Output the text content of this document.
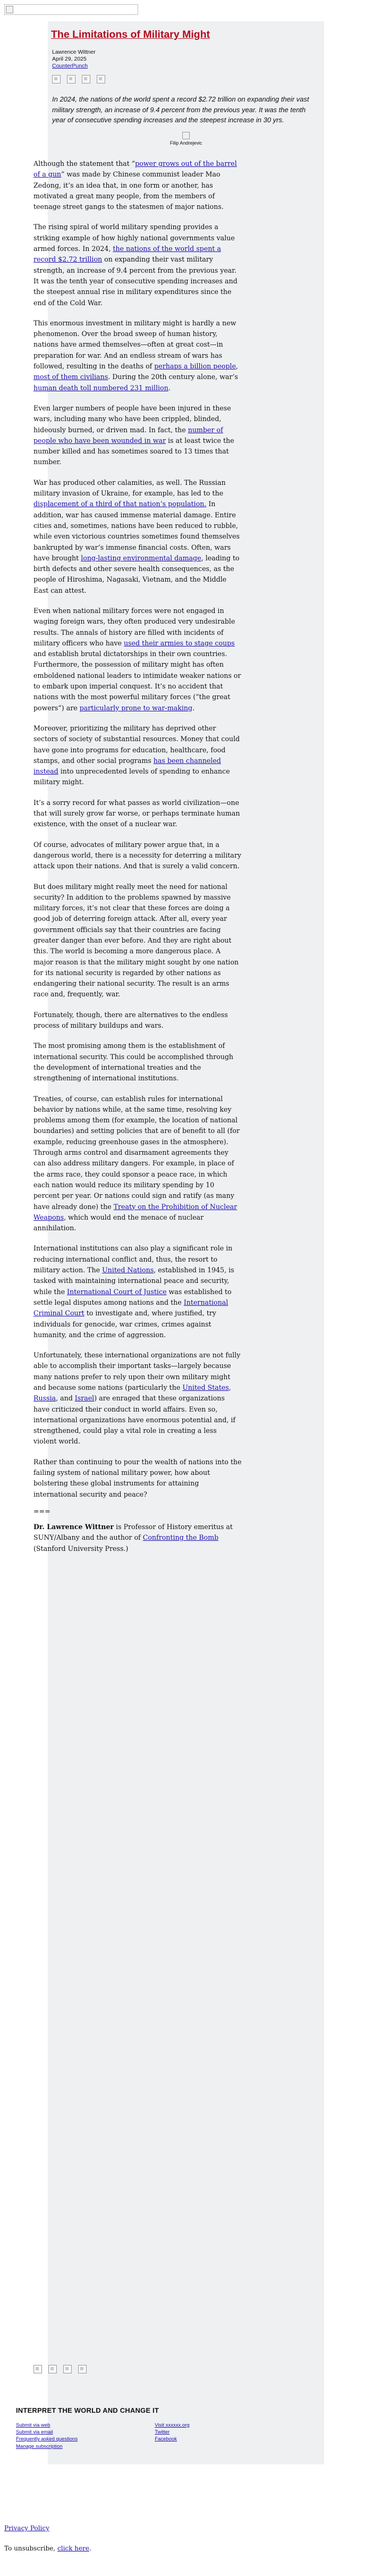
The Limitations of Military Might
Lawrence Wittner
April 29, 2025
CounterPunch
In 2024, the nations of the world spent a record $2.72 trillion on expanding their vast military strength, an increase of 9.4 percent from the previous year. It was the tenth year of consecutive spending increases and the steepest increase in 30 yrs.
Filip Andrejevic

Although the statement that “power grows out of the barrel of a gun” was made by Chinese communist leader Mao Zedong, it’s an idea that, in one form or another, has motivated a great many people, from the members of teenage street gangs to the statesmen of major nations.

The rising spiral of world military spending provides a striking example of how highly national governments value armed forces. In 2024, the nations of the world spent a record $2.72 trillion on expanding their vast military strength, an increase of 9.4 percent from the previous year. It was the tenth year of consecutive spending increases and the steepest annual rise in military expenditures since the end of the Cold War.

This enormous investment in military might is hardly a new phenomenon. Over the broad sweep of human history, nations have armed themselves—often at great cost—in preparation for war. And an endless stream of wars has followed, resulting in the deaths of perhaps a billion people, most of them civilians. During the 20th century alone, war’s human death toll numbered 231 million.

Even larger numbers of people have been injured in these wars, including many who have been crippled, blinded, hideously burned, or driven mad. In fact, the number of people who have been wounded in war is at least twice the number killed and has sometimes soared to 13 times that number.

War has produced other calamities, as well. The Russian military invasion of Ukraine, for example, has led to the displacement of a third of that nation’s population. In addition, war has caused immense material damage. Entire cities and, sometimes, nations have been reduced to rubble, while even victorious countries sometimes found themselves bankrupted by war’s immense financial costs. Often, wars have brought long-lasting environmental damage, leading to birth defects and other severe health consequences, as the people of Hiroshima, Nagasaki, Vietnam, and the Middle East can attest.

Even when national military forces were not engaged in waging foreign wars, they often produced very undesirable results. The annals of history are filled with incidents of military officers who have used their armies to stage coups and establish brutal dictatorships in their own countries. Furthermore, the possession of military might has often emboldened national leaders to intimidate weaker nations or to embark upon imperial conquest. It’s no accident that nations with the most powerful military forces (“the great powers”) are particularly prone to war-making.

Moreover, prioritizing the military has deprived other sectors of society of substantial resources. Money that could have gone into programs for education, healthcare, food stamps, and other social programs has been channeled instead into unprecedented levels of spending to enhance military might.

It’s a sorry record for what passes as world civilization—one that will surely grow far worse, or perhaps terminate human existence, with the onset of a nuclear war.

Of course, advocates of military power argue that, in a dangerous world, there is a necessity for deterring a military attack upon their nations. And that is surely a valid concern.

But does military might really meet the need for national security? In addition to the problems spawned by massive military forces, it’s not clear that these forces are doing a good job of deterring foreign attack. After all, every year government officials say that their countries are facing greater danger than ever before. And they are right about this. The world is becoming a more dangerous place. A major reason is that the military might sought by one nation for its national security is regarded by other nations as endangering their national security. The result is an arms race and, frequently, war.

Fortunately, though, there are alternatives to the endless process of military buildups and wars.

The most promising among them is the establishment of international security. This could be accomplished through the development of international treaties and the strengthening of international institutions.

Treaties, of course, can establish rules for international behavior by nations while, at the same time, resolving key problems among them (for example, the location of national boundaries) and setting policies that are of benefit to all (for example, reducing greenhouse gases in the atmosphere). Through arms control and disarmament agreements they can also address military dangers. For example, in place of the arms race, they could sponsor a peace race, in which each nation would reduce its military spending by 10 percent per year. Or nations could sign and ratify (as many have already done) the Treaty on the Prohibition of Nuclear Weapons, which would end the menace of nuclear annihilation.

International institutions can also play a significant role in reducing international conflict and, thus, the resort to military action. The United Nations, established in 1945, is tasked with maintaining international peace and security, while the International Court of Justice was established to settle legal disputes among nations and the International Criminal Court to investigate and, where justified, try individuals for genocide, war crimes, crimes against humanity, and the crime of aggression.

Unfortunately, these international organizations are not fully able to accomplish their important tasks—largely because many nations prefer to rely upon their own military might and because some nations (particularly the United States, Russia, and Israel) are enraged that these organizations have criticized their conduct in world affairs. Even so, international organizations have enormous potential and, if strengthened, could play a vital role in creating a less violent world.

Rather than continuing to pour the wealth of nations into the failing system of national military power, how about bolstering these global instruments for attaining international security and peace?

===
Dr. Lawrence Wittner is Professor of History emeritus at SUNY/Albany and the author of Confronting the Bomb (Stanford University Press.)
INTERPRET THE WORLD AND CHANGE IT
Submit via web
Submit via email
Frequently asked questions
Manage subscription
Visit xxxxxx.org
Twitter
Facebook
Privacy Policy
To unsubscribe, click here.
